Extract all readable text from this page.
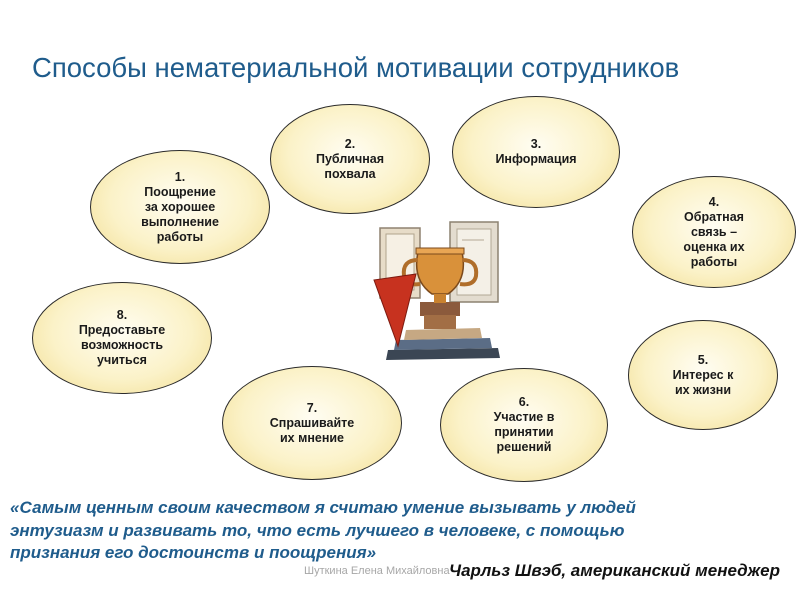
Способы нематериальной мотивации сотрудников
1.
Поощрение
за хорошее
выполнение
работы
2.
Публичная
похвала
3.
Информация
4.
Обратная
связь –
оценка их
работы
5.
Интерес к
их жизни
6.
Участие в
принятии
решений
7.
Спрашивайте
их мнение
8.
Предоставьте
возможность
учиться
«Самым ценным своим качеством я считаю умение вызывать у людей
энтузиазм и развивать то, что есть лучшего в человеке, с помощью
признания его достоинств и поощрения»
Шуткина Елена Михайловна Чарльз Швэб, американский менеджер
